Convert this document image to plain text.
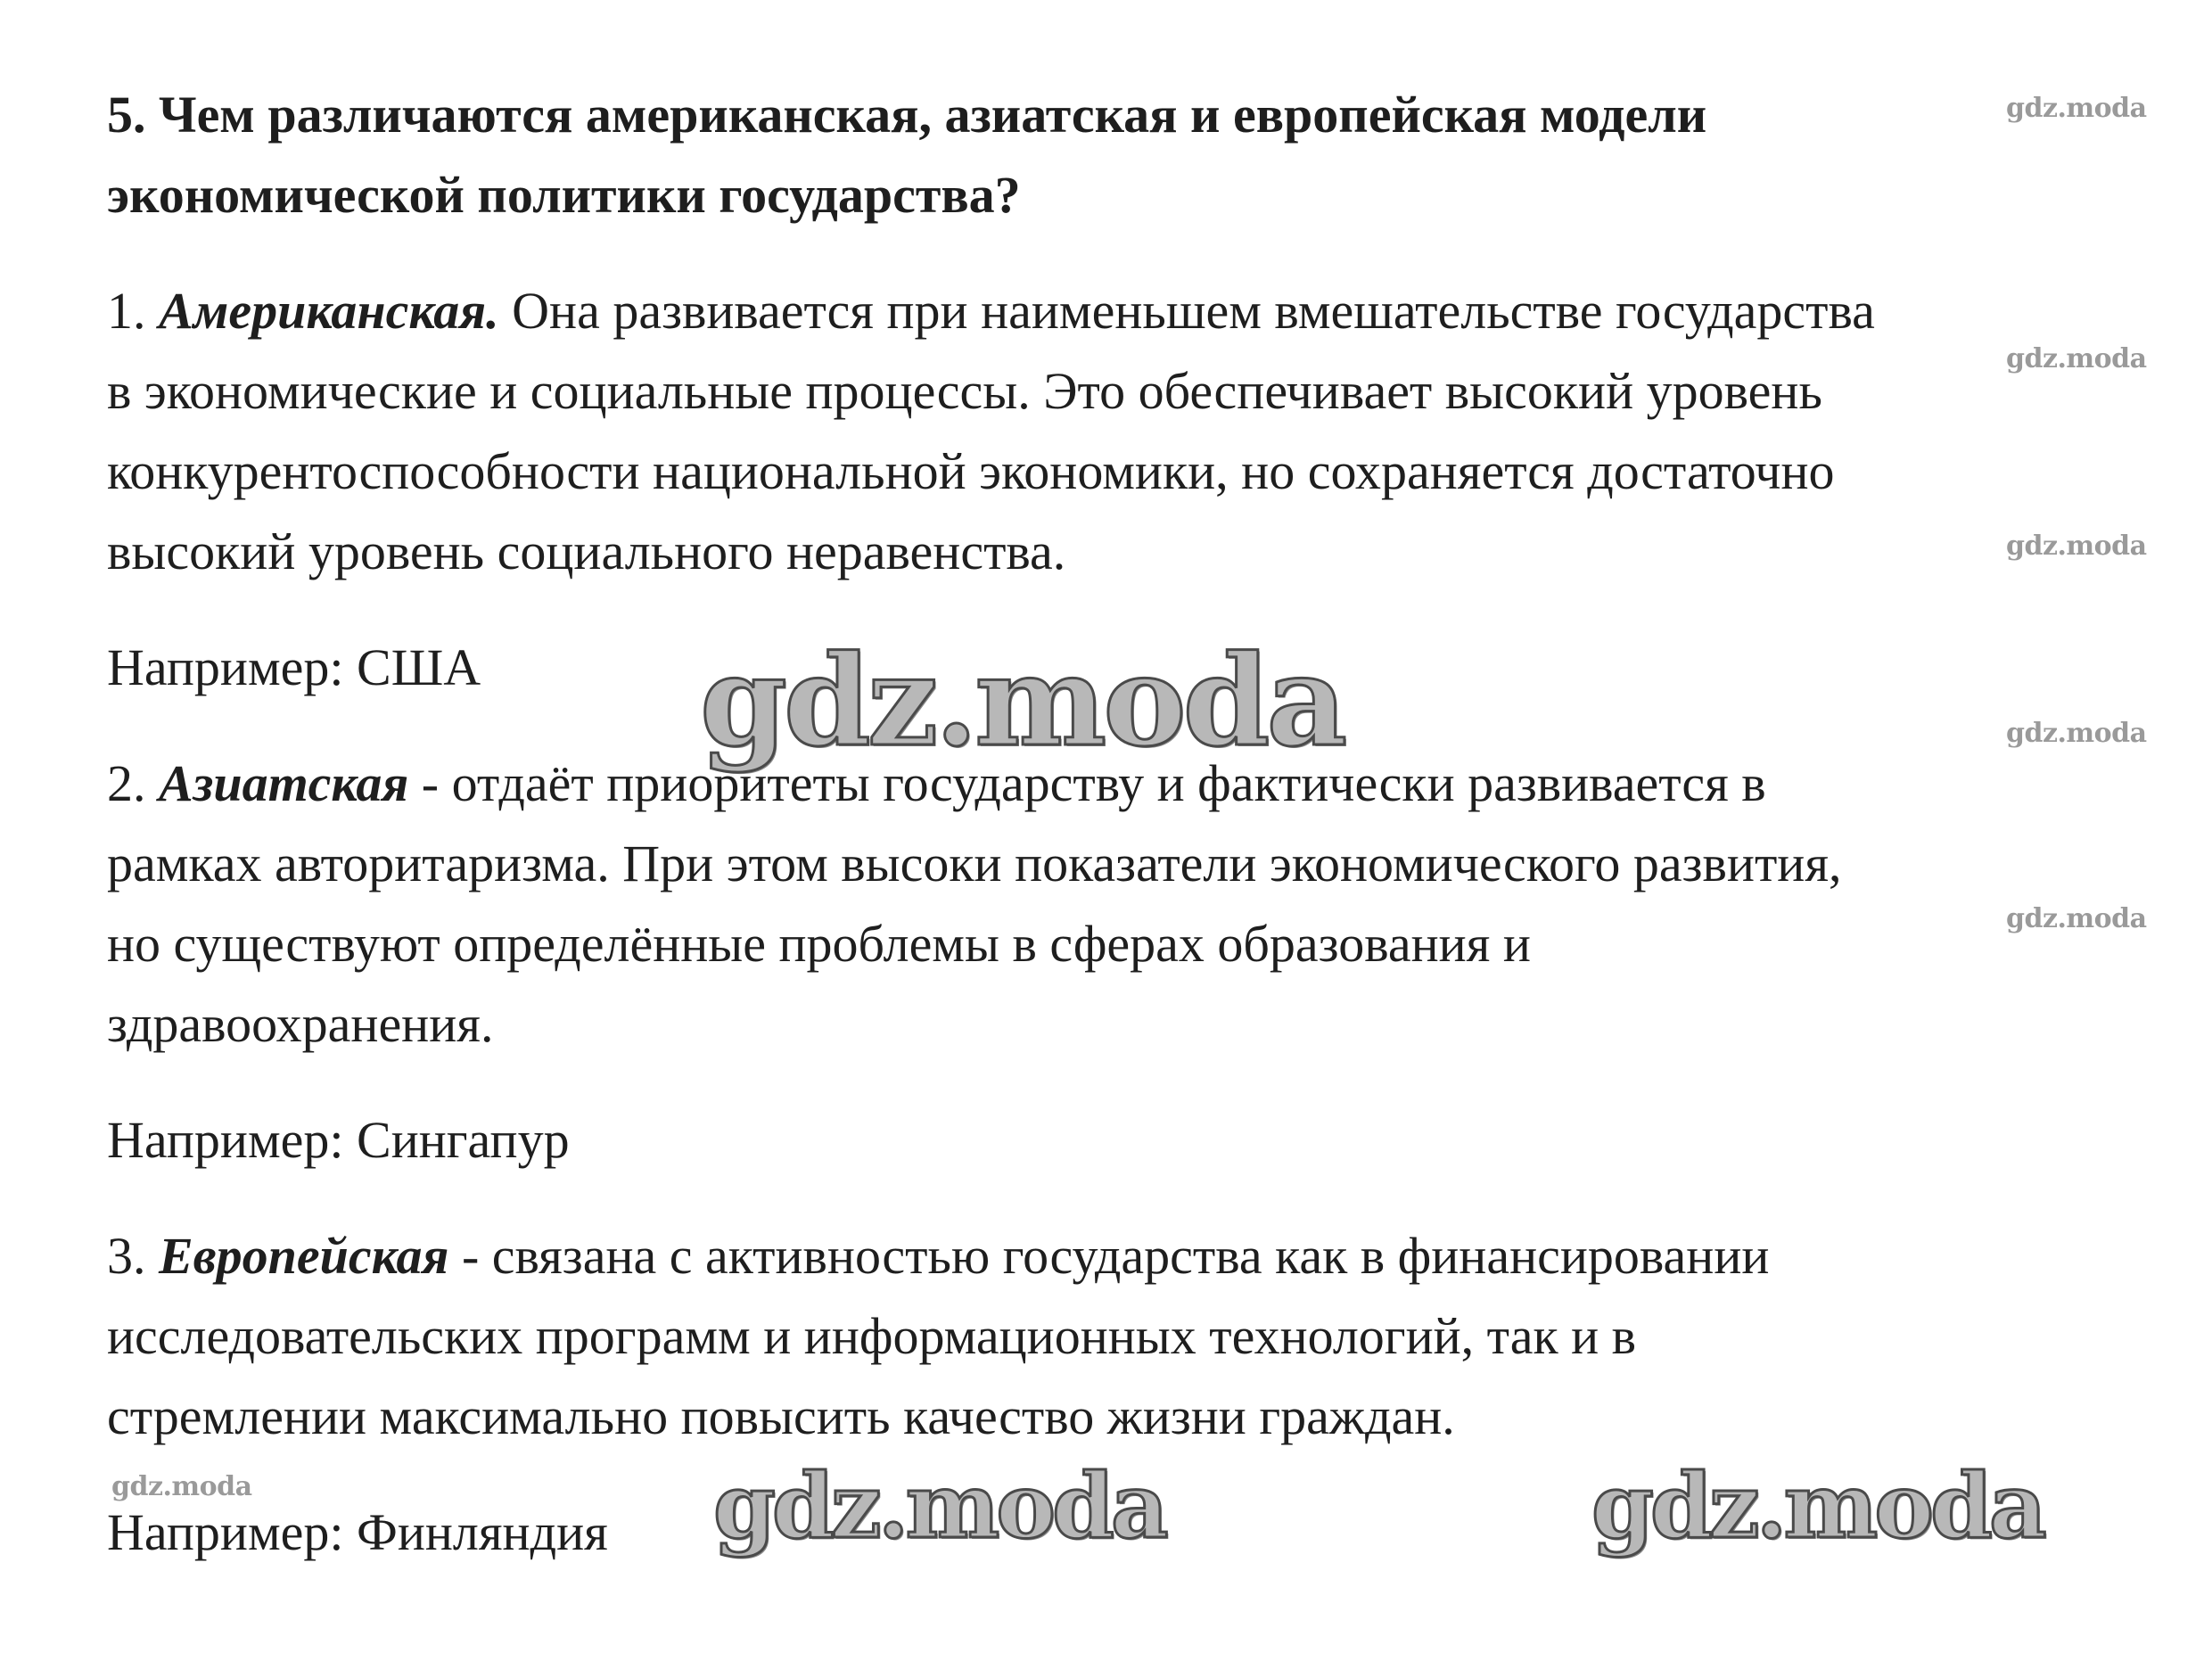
5. Чем различаются американская, азиатская и европейская модели
экономической политики государства?
1. Американская. Она развивается при наименьшем вмешательстве государства
в экономические и социальные процессы. Это обеспечивает высокий уровень
конкурентоспособности национальной экономики, но сохраняется достаточно
высокий уровень социального неравенства.
Например: США
2. Азиатская - отдаёт приоритеты государству и фактически развивается в
рамках авторитаризма. При этом высоки показатели экономического развития,
но существуют определённые проблемы в сферах образования и
здравоохранения.
Например: Сингапур
3. Европейская - связана с активностью государства как в финансировании
исследовательских программ и информационных технологий, так и в
стремлении максимально повысить качество жизни граждан.
Например: Финляндия
gdz.moda
gdz.moda
gdz.moda
gdz.moda
gdz.moda
gdz.moda
gdz.moda
gdz.moda	gdz.moda
